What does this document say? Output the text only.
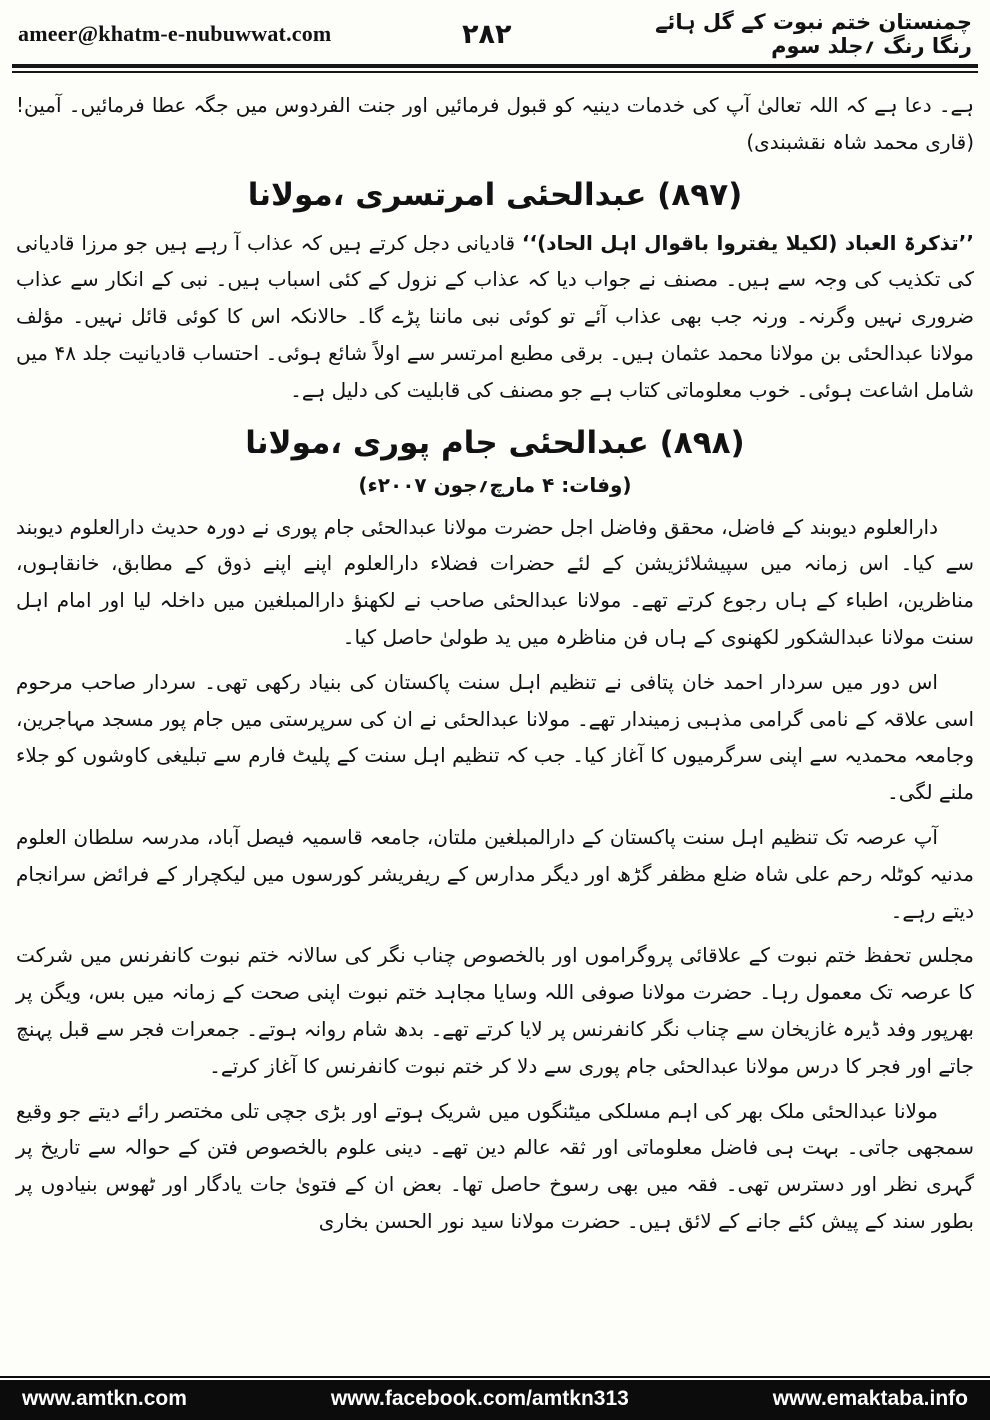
ameer@khatm-e-nubuwwat.com	۲۸۲	چمنستان ختم نبوت کے گل ہائے رنگا رنگ ؍جلد سوم

ہے۔ دعا ہے کہ اللہ تعالیٰ آپ کی خدمات دینیہ کو قبول فرمائیں اور جنت الفردوس میں جگہ عطا فرمائیں۔ آمین! (قاری محمد شاہ نقشبندی)

(۸۹۷) عبدالحئی امرتسری ،مولانا

’’تذکرۃ العباد (لکیلا یفتروا باقوال اہل الحاد)‘‘ قادیانی دجل کرتے ہیں کہ عذاب آ رہے ہیں جو مرزا قادیانی کی تکذیب کی وجہ سے ہیں۔ مصنف نے جواب دیا کہ عذاب کے نزول کے کئی اسباب ہیں۔ نبی کے انکار سے عذاب ضروری نہیں وگرنہ۔ ورنہ جب بھی عذاب آئے تو کوئی نبی ماننا پڑے گا۔ حالانکہ اس کا کوئی قائل نہیں۔ مؤلف مولانا عبدالحئی بن مولانا محمد عثمان ہیں۔ برقی مطبع امرتسر سے اولاً شائع ہوئی۔ احتساب قادیانیت جلد ۴۸ میں شامل اشاعت ہوئی۔ خوب معلوماتی کتاب ہے جو مصنف کی قابلیت کی دلیل ہے۔

(۸۹۸) عبدالحئی جام پوری ،مولانا
(وفات: ۴ مارچ؍جون ۲۰۰۷ء)

دارالعلوم دیوبند کے فاضل، محقق وفاضل اجل حضرت مولانا عبدالحئی جام پوری نے دورہ حدیث دارالعلوم دیوبند سے کیا۔ اس زمانہ میں سپیشلائزیشن کے لئے حضرات فضلاء دارالعلوم اپنے اپنے ذوق کے مطابق، خانقاہوں، مناظرین، اطباء کے ہاں رجوع کرتے تھے۔ مولانا عبدالحئی صاحب نے لکھنؤ دارالمبلغین میں داخلہ لیا اور امام اہل سنت مولانا عبدالشکور لکھنوی کے ہاں فن مناظرہ میں ید طولیٰ حاصل کیا۔

اس دور میں سردار احمد خان پتافی نے تنظیم اہل سنت پاکستان کی بنیاد رکھی تھی۔ سردار صاحب مرحوم اسی علاقہ کے نامی گرامی مذہبی زمیندار تھے۔ مولانا عبدالحئی نے ان کی سرپرستی میں جام پور مسجد مہاجرین، وجامعہ محمدیہ سے اپنی سرگرمیوں کا آغاز کیا۔ جب کہ تنظیم اہل سنت کے پلیٹ فارم سے تبلیغی کاوشوں کو جلاء ملنے لگی۔

آپ عرصہ تک تنظیم اہل سنت پاکستان کے دارالمبلغین ملتان، جامعہ قاسمیہ فیصل آباد، مدرسہ سلطان العلوم مدنیہ کوٹلہ رحم علی شاہ ضلع مظفر گڑھ اور دیگر مدارس کے ریفریشر کورسوں میں لیکچرار کے فرائض سرانجام دیتے رہے۔

مجلس تحفظ ختم نبوت کے علاقائی پروگراموں اور بالخصوص چناب نگر کی سالانہ ختم نبوت کانفرنس میں شرکت کا عرصہ تک معمول رہا۔ حضرت مولانا صوفی اللہ وسایا مجاہد ختم نبوت اپنی صحت کے زمانہ میں بس، ویگن پر بھرپور وفد ڈیرہ غازیخان سے چناب نگر کانفرنس پر لایا کرتے تھے۔ بدھ شام روانہ ہوتے۔ جمعرات فجر سے قبل پہنچ جاتے اور فجر کا درس مولانا عبدالحئی جام پوری سے دلا کر ختم نبوت کانفرنس کا آغاز کرتے۔

مولانا عبدالحئی ملک بھر کی اہم مسلکی میٹنگوں میں شریک ہوتے اور بڑی جچی تلی مختصر رائے دیتے جو وقیع سمجھی جاتی۔ بہت ہی فاضل معلوماتی اور ثقہ عالم دین تھے۔ دینی علوم بالخصوص فتن کے حوالہ سے تاریخ پر گہری نظر اور دسترس تھی۔ فقہ میں بھی رسوخ حاصل تھا۔ بعض ان کے فتویٰ جات یادگار اور ٹھوس بنیادوں پر بطور سند کے پیش کئے جانے کے لائق ہیں۔ حضرت مولانا سید نور الحسن بخاری

www.amtkn.com	www.facebook.com/amtkn313	www.emaktaba.info
